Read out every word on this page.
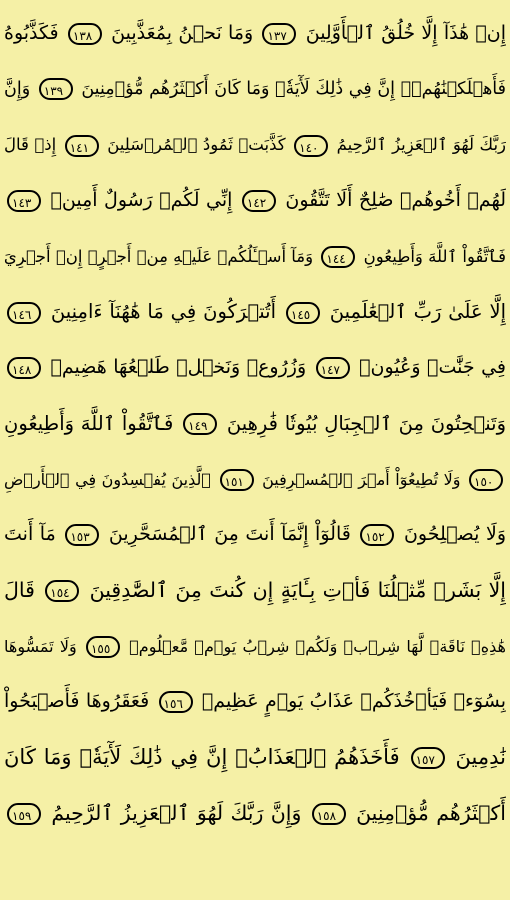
إِنۡ هَٰذَآ إِلَّا خُلُقُ ٱلۡأَوَّلِينَ ١٣٧ وَمَا نَحۡنُ بِمُعَذَّبِينَ ١٣٨ فَكَذَّبُوهُ
فَأَهۡلَكۡنَٰهُمۡۚ إِنَّ فِي ذَٰلِكَ لَأٓيَةٗۖ وَمَا كَانَ أَكۡثَرُهُم مُّؤۡمِنِينَ ١٣٩ وَإِنَّ
رَبَّكَ لَهُوَ ٱلۡعَزِيزُ ٱلرَّحِيمُ ١٤٠ كَذَّبَتۡ ثَمُودُ ٱلۡمُرۡسَلِينَ ١٤١ إِذۡ قَالَ
لَهُمۡ أَخُوهُمۡ صَٰلِحٌ أَلَا تَتَّقُونَ ١٤٢ إِنِّي لَكُمۡ رَسُولٌ أَمِينٞ ١٤٣
فَٱتَّقُواْ ٱللَّهَ وَأَطِيعُونِ ١٤٤ وَمَآ أَسۡـَٔلُكُمۡ عَلَيۡهِ مِنۡ أَجۡرٍۖ إِنۡ أَجۡرِيَ
إِلَّا عَلَىٰ رَبِّ ٱلۡعَٰلَمِينَ ١٤٥ أَتُتۡرَكُونَ فِي مَا هَٰهُنَآ ءَامِنِينَ ١٤٦
فِي جَنَّٰتٖ وَعُيُونٖ ١٤٧ وَزُرُوعٖ وَنَخۡلٖ طَلۡعُهَا هَضِيمٞ ١٤٨
وَتَنۡحِتُونَ مِنَ ٱلۡجِبَالِ بُيُوتٗا فَٰرِهِينَ ١٤٩ فَٱتَّقُواْ ٱللَّهَ وَأَطِيعُونِ
١٥٠ وَلَا تُطِيعُوٓاْ أَمۡرَ ٱلۡمُسۡرِفِينَ ١٥١ ٱلَّذِينَ يُفۡسِدُونَ فِي ٱلۡأَرۡضِ
وَلَا يُصۡلِحُونَ ١٥٢ قَالُوٓاْ إِنَّمَآ أَنتَ مِنَ ٱلۡمُسَحَّرِينَ ١٥٣ مَآ أَنتَ
إِلَّا بَشَرٞ مِّثۡلُنَا فَأۡتِ بِـَٔايَةٍ إِن كُنتَ مِنَ ٱلصَّٰدِقِينَ ١٥٤ قَالَ
هَٰذِهِۦ نَاقَةٞ لَّهَا شِرۡبٞ وَلَكُمۡ شِرۡبُ يَوۡمٖ مَّعۡلُومٖ ١٥٥ وَلَا تَمَسُّوهَا
بِسُوٓءٖ فَيَأۡخُذَكُمۡ عَذَابُ يَوۡمٍ عَظِيمٖ ١٥٦ فَعَقَرُوهَا فَأَصۡبَحُواْ
نَٰدِمِينَ ١٥٧ فَأَخَذَهُمُ ٱلۡعَذَابُۚ إِنَّ فِي ذَٰلِكَ لَأٓيَةٗۖ وَمَا كَانَ
أَكۡثَرُهُم مُّؤۡمِنِينَ ١٥٨ وَإِنَّ رَبَّكَ لَهُوَ ٱلۡعَزِيزُ ٱلرَّحِيمُ ١٥٩
